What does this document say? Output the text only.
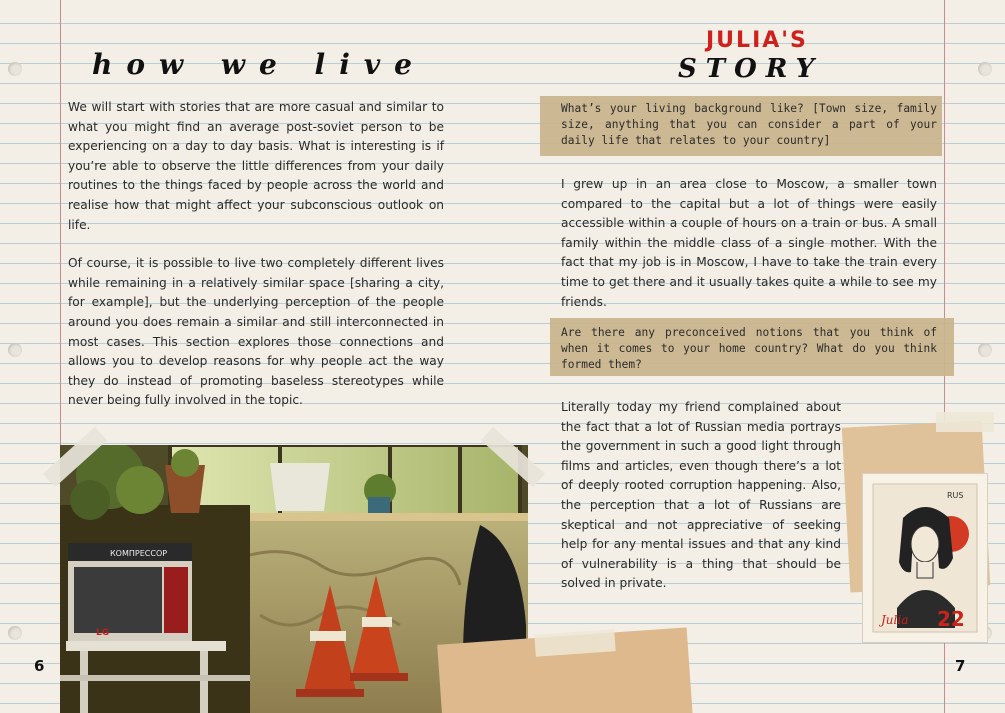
how we live

We will start with stories that are more casual and similar to what you might find an average post-soviet person to be experiencing on a day to day basis. What is interesting is if you’re able to observe the little differences from your daily routines to the things faced by people across the world and realise how that might affect your subconscious outlook on life.

Of course, it is possible to live two completely different lives while remaining in a relatively similar space [sharing a city, for example], but the underlying perception of the people around you does remain a similar and still interconnected in most cases. This section explores those connections and allows you to develop reasons for why people act the way they do instead of promoting baseless stereotypes while never being fully involved in the topic.

КОМПРЕССОР
LG
6
JULIA'S
STORY
What’s your living background like? [Town size, family size, anything that you can consider a part of your daily life that relates to your country]
I grew up in an area close to Moscow, a smaller town compared to the capital but a lot of things were easily accessible within a couple of hours on a train or bus. A small family within the middle class of a single mother. With the fact that my job is in Moscow, I have to take the train every time to get there and it usually takes quite a while to see my friends.
Are there any preconceived notions that you think of when it comes to your home country? What do you think formed them?
Literally today my friend complained about the fact that a lot of Russian media portrays the government in such a good light through films and articles, even though there’s a lot of deeply rooted corruption happening. Also, the perception that a lot of Russians are skeptical and not appreciative of seeking help for any mental issues and that any kind of vulnerability is a thing that should be solved in private.
RUS
Julia 22
7
